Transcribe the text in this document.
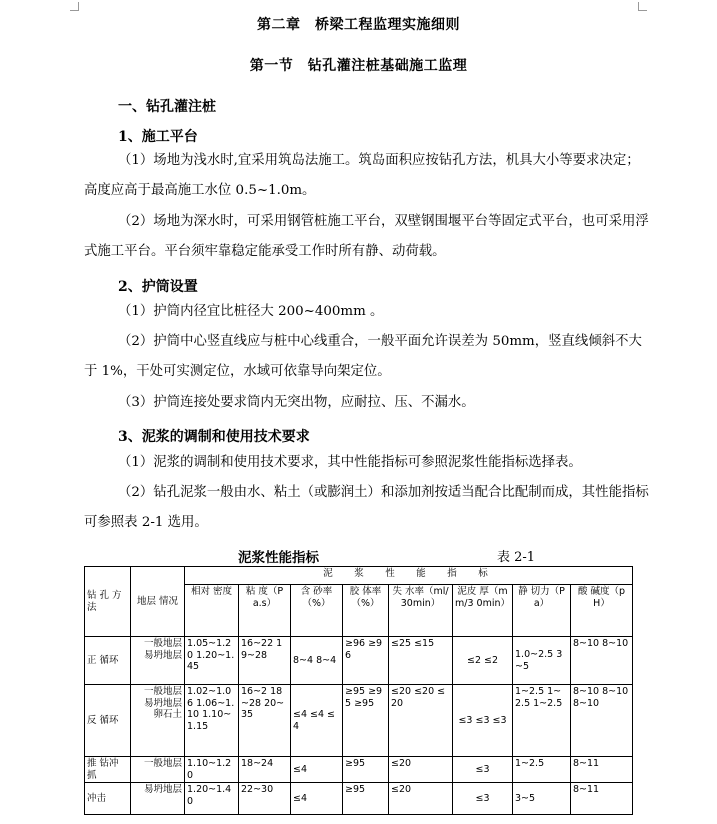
第二章　桥梁工程监理实施细则
第一节　钻孔灌注桩基础施工监理
一、钻孔灌注桩
1、施工平台
（1）场地为浅水时,宜采用筑岛法施工。筑岛面积应按钻孔方法，机具大小等要求决定；高度应高于最高施工水位 0.5~1.0m。
（2）场地为深水时，可采用钢管桩施工平台，双壁钢围堰平台等固定式平台，也可采用浮式施工平台。平台须牢靠稳定能承受工作时所有静、动荷载。
2、护筒设置
（1）护筒内径宜比桩径大 200~400mm 。
（2）护筒中心竖直线应与桩中心线重合，一般平面允许误差为 50mm，竖直线倾斜不大于 1%，干处可实测定位，水域可依靠导向架定位。
（3）护筒连接处要求筒内无突出物，应耐拉、压、不漏水。
3、泥浆的调制和使用技术要求
（1）泥浆的调制和使用技术要求，其中性能指标可参照泥浆性能指标选择表。
（2）钻孔泥浆一般由水、粘土（或膨润土）和添加剂按适当配合比配制而成，其性能指标可参照表 2-1 选用。
泥浆性能指标	表 2-1
钻 孔 方法	地层 情况	泥　浆　性　能　指　标							
		相对 密度	粘 度（P a.s）	含 砂率（%）	胶 体率（%）	失 水率（ml/ 30min）	泥皮 厚（mm/3 0min）	静 切力（Pa）	酸 碱度（pH）
正 循环	一般地层 易坍地层	1.05~1.20 1.20~1.45	16~22 19~28	8~4 8~4	≥96 ≥96	≤25 ≤15	≤2 ≤2	1.0~2.5 3~5	8~10 8~10
反 循环	一般地层 易坍地层 卵石土	1.02~1.06 1.06~1.10 1.10~1.15	16~2 18~28 20~35	≤4 ≤4 ≤4	≥95 ≥95 ≥95	≤20 ≤20 ≤20	≤3 ≤3 ≤3	1~2.5 1~2.5 1~2.5	8~10 8~10 8~10
推 钻冲抓	一般地层	1.10~1.20	18~24	≤4	≥95	≤20	≤3	1~2.5	8~11
冲击	易坍地层	1.20~1.40	22~30	≤4	≥95	≤20	≤3	3~5	8~11
